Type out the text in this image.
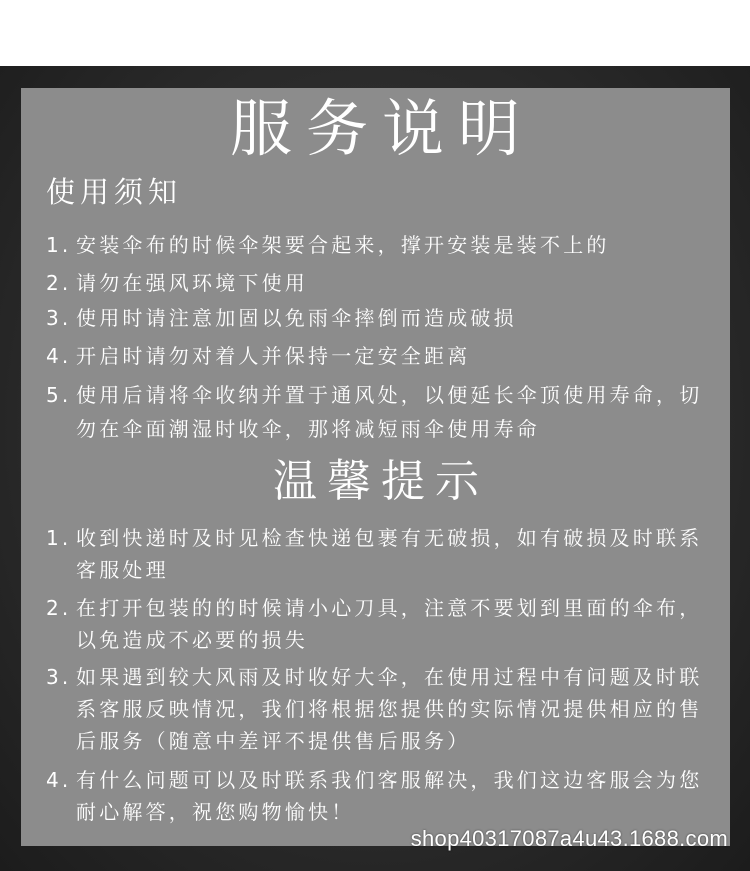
服务说明
使用须知
1. 安装伞布的时候伞架要合起来，撑开安装是装不上的
2. 请勿在强风环境下使用
3. 使用时请注意加固以免雨伞摔倒而造成破损
4. 开启时请勿对着人并保持一定安全距离
5. 使用后请将伞收纳并置于通风处，以便延长伞顶使用寿命，切勿在伞面潮湿时收伞，那将减短雨伞使用寿命
温馨提示
1. 收到快递时及时见检查快递包裹有无破损，如有破损及时联系客服处理
2. 在打开包装的的时候请小心刀具，注意不要划到里面的伞布，以免造成不必要的损失
3. 如果遇到较大风雨及时收好大伞，在使用过程中有问题及时联系客服反映情况，我们将根据您提供的实际情况提供相应的售后服务（随意中差评不提供售后服务）
4. 有什么问题可以及时联系我们客服解决，我们这边客服会为您耐心解答，祝您购物愉快！
shop40317087a4u43.1688.com
